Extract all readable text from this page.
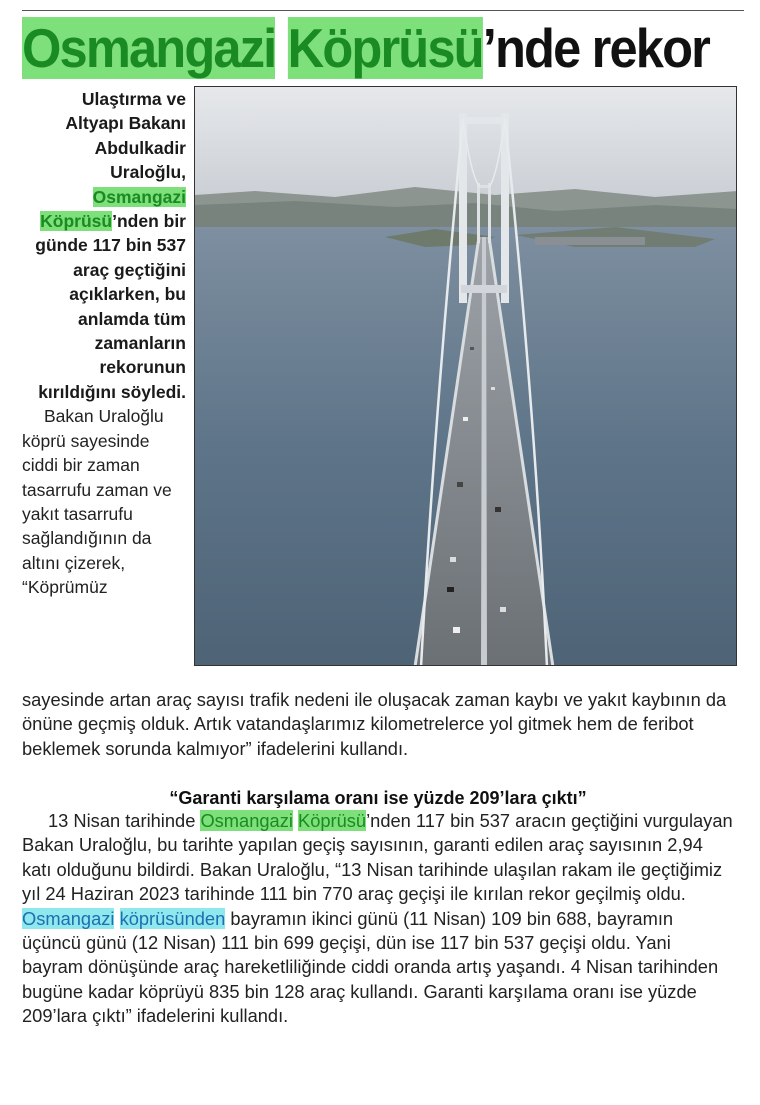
Osmangazi Köprüsü’nde rekor

Ulaştırma ve Altyapı Bakanı Abdulkadir Uraloğlu, Osmangazi Köprüsü’nden bir günde 117 bin 537 araç geçtiğini açıklarken, bu anlamda tüm zamanların rekorunun kırıldığını söyledi.

Bakan Uraloğlu köprü sayesinde ciddi bir zaman tasarrufu zaman ve yakıt tasarrufu sağlandığının da altını çizerek, “Köprümüz

sayesinde artan araç sayısı trafik nedeni ile oluşacak zaman kaybı ve yakıt kaybının da önüne geçmiş olduk. Artık vatandaşlarımız kilometrelerce yol gitmek hem de feribot beklemek sorunda kalmıyor” ifadelerini kullandı.

“Garanti karşılama oranı ise yüzde 209’lara çıktı”

13 Nisan tarihinde Osmangazi Köprüsü’nden 117 bin 537 aracın geçtiğini vurgulayan Bakan Uraloğlu, bu tarihte yapılan geçiş sayısının, garanti edilen araç sayısının 2,94 katı olduğunu bildirdi. Bakan Uraloğlu, “13 Nisan tarihinde ulaşılan rakam ile geçtiğimiz yıl 24 Haziran 2023 tarihinde 111 bin 770 araç geçişi ile kırılan rekor geçilmiş oldu. Osmangazi köprüsünden bayramın ikinci günü (11 Nisan) 109 bin 688, bayramın üçüncü günü (12 Nisan) 111 bin 699 geçişi, dün ise 117 bin 537 geçişi oldu. Yani bayram dönüşünde araç hareketliliğinde ciddi oranda artış yaşandı. 4 Nisan tarihinden bugüne kadar köprüyü 835 bin 128 araç kullandı. Garanti karşılama oranı ise yüzde 209’lara çıktı” ifadelerini kullandı.
